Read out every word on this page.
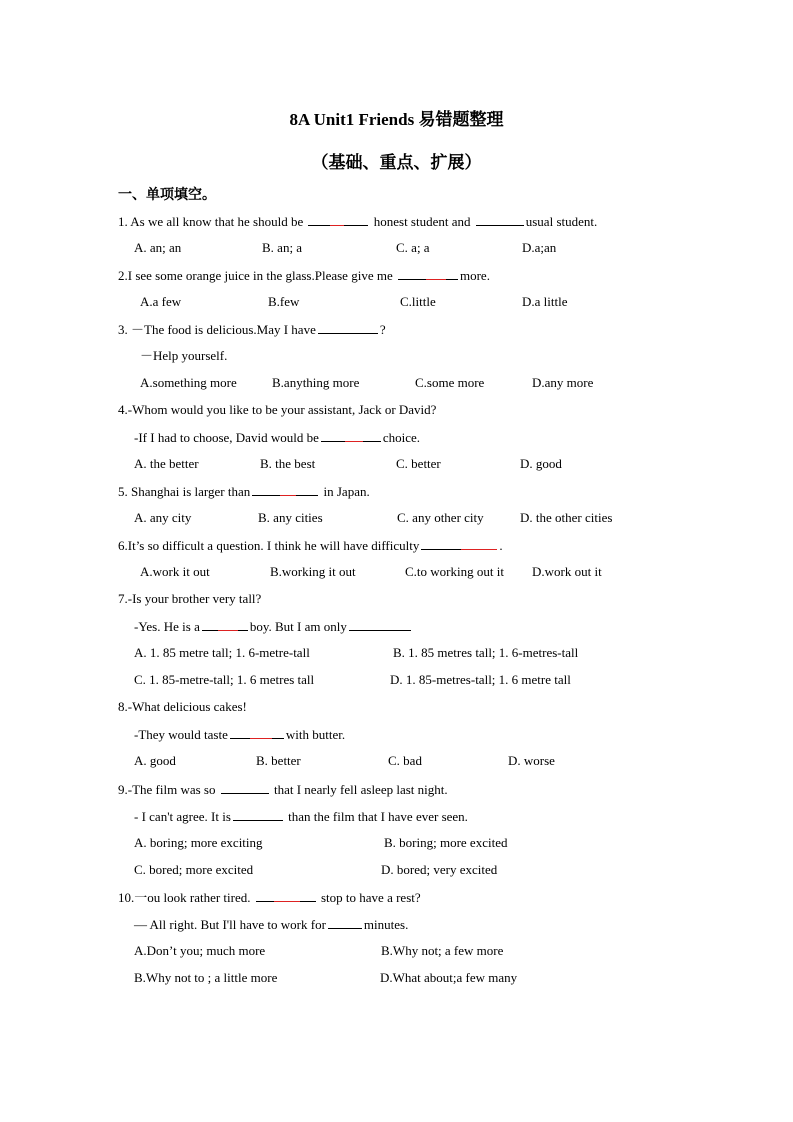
8A Unit1 Friends 易错题整理
（基础、重点、扩展）
一、单项填空。
1. As we all know that he should be	honest student and	usual student.
A. an; an	B. an; a	C. a; a	D.a;an
2.I see some orange juice in the glass.Please give me	more.
A.a few	B.few	C.little	D.a little
3. －The food is delicious.May I have	?
－Help yourself.
A.something more	B.anything more	C.some more	D.any more
4.-Whom would you like to be your assistant, Jack or David?
-If I had to choose, David would be	choice.
A. the better	B. the best	C. better	D. good
5. Shanghai is larger than	in Japan.
A. any city	B. any cities	C. any other city	D. the other cities
6.It’s so difficult a question. I think he will have difficulty	.
A.work it out	B.working it out	C.to working out it D.work out it
7.-Is your brother very tall?
-Yes. He is a	boy. But I am only
A. 1. 85 metre tall; 1. 6-metre-tall	B. 1. 85 metres tall; 1. 6-metres-tall
C. 1. 85-metre-tall; 1. 6 metres tall	D. 1. 85-metres-tall; 1. 6 metre tall
8.-What delicious cakes!
-They would taste	with butter.
A. good	B. better	C. bad	D. worse
9.-The film was so	that I nearly fell asleep last night.
- I can't agree. It is	than the film that I have ever seen.
A. boring; more exciting	B. boring; more excited
C. bored; more excited	D. bored; very excited
10.一ou look rather tired.	stop to have a rest?
— All right. But I'll have to work for	minutes.
A.Don’t you; much more	B.Why not; a few more
B.Why not to ; a little more	D.What about;a few many
